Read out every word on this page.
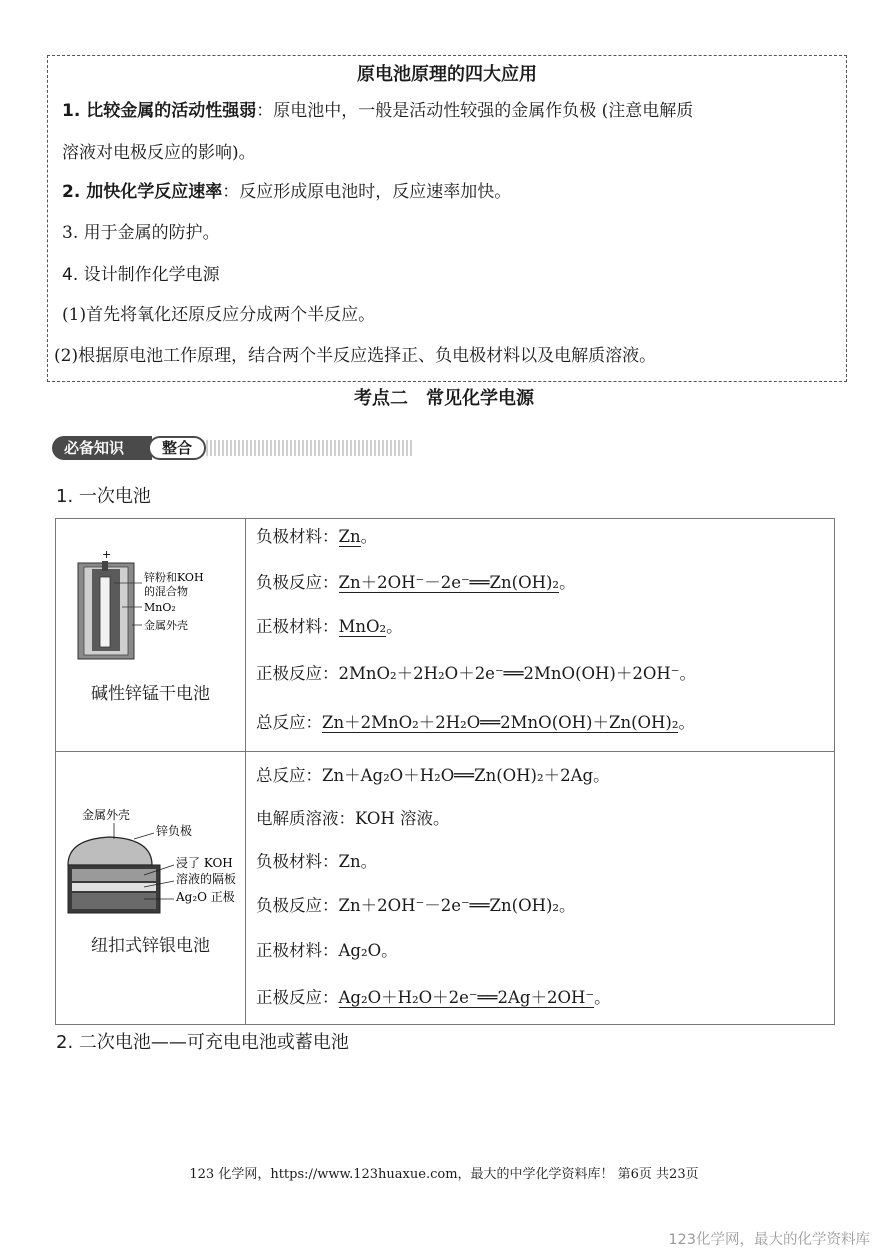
原电池原理的四大应用
1. 比较金属的活动性强弱：原电池中，一般是活动性较强的金属作负极 (注意电解质
溶液对电极反应的影响)。
2. 加快化学反应速率：反应形成原电池时，反应速率加快。
3. 用于金属的防护。
4. 设计制作化学电源
(1)首先将氧化还原反应分成两个半反应。
(2)根据原电池工作原理，结合两个半反应选择正、负电极材料以及电解质溶液。
考点二　常见化学电源
必备知识	整合
1. 一次电池
+
锌粉和KOH
的混合物
MnO₂
金属外壳
碱性锌锰干电池
负极材料：Zn。
负极反应：Zn＋2OH⁻－2e⁻══Zn(OH)₂。
正极材料：MnO₂。
正极反应：2MnO₂＋2H₂O＋2e⁻══2MnO(OH)＋2OH⁻。
总反应：Zn＋2MnO₂＋2H₂O══2MnO(OH)＋Zn(OH)₂。
金属外壳
锌负极
浸了 KOH
溶液的隔板
Ag₂O 正极
纽扣式锌银电池
总反应：Zn＋Ag₂O＋H₂O══Zn(OH)₂＋2Ag。
电解质溶液：KOH 溶液。
负极材料：Zn。
负极反应：Zn＋2OH⁻－2e⁻══Zn(OH)₂。
正极材料：Ag₂O。
正极反应：Ag₂O＋H₂O＋2e⁻══2Ag＋2OH⁻。
2. 二次电池——可充电电池或蓄电池
123 化学网，https://www.123huaxue.com，最大的中学化学资料库！ 第6页 共23页
123化学网，最大的化学资料库
